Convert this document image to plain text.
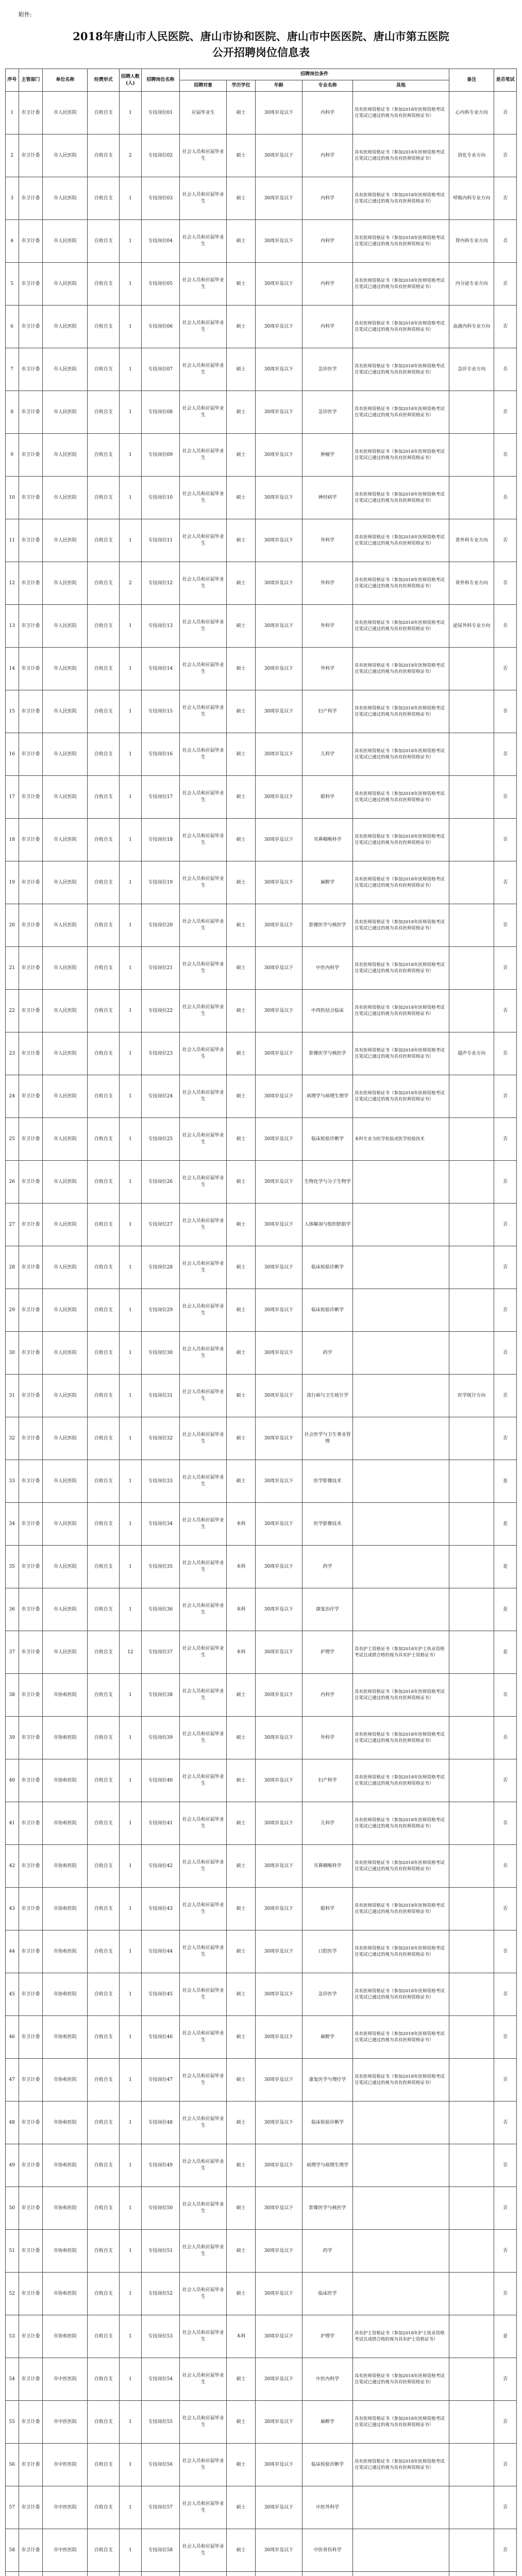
附件:
2018年唐山市人民医院、唐山市协和医院、唐山市中医医院、唐山市第五医院
公开招聘岗位信息表
序号	主管部门	单位名称	经费形式	招聘人数(人)	招聘岗位名称	招聘岗位条件					备注	是否笔试
						招聘对象	学历学位	年龄	专业名称	其他		
1	市卫计委	市人民医院	自收自支	1	专技岗位01	应届毕业生	硕士	30周岁及以下	内科学	具有医师资格证书（参加2018年医师资格考试且笔试已通过的视为具有医师资格证书）	心内科专业方向	否
2	市卫计委	市人民医院	自收自支	2	专技岗位02	社会人员和应届毕业生	硕士	30周岁及以下	内科学	具有医师资格证书（参加2018年医师资格考试且笔试已通过的视为具有医师资格证书）	消化专业方向	否
3	市卫计委	市人民医院	自收自支	1	专技岗位03	社会人员和应届毕业生	硕士	30周岁及以下	内科学	具有医师资格证书（参加2018年医师资格考试且笔试已通过的视为具有医师资格证书）	呼吸内科专业方向	否
4	市卫计委	市人民医院	自收自支	1	专技岗位04	社会人员和应届毕业生	硕士	30周岁及以下	内科学	具有医师资格证书（参加2018年医师资格考试且笔试已通过的视为具有医师资格证书）	肾内科专业方向	否
5	市卫计委	市人民医院	自收自支	1	专技岗位05	社会人员和应届毕业生	硕士	30周岁及以下	内科学	具有医师资格证书（参加2018年医师资格考试且笔试已通过的视为具有医师资格证书）	内分泌专业方向	否
6	市卫计委	市人民医院	自收自支	1	专技岗位06	社会人员和应届毕业生	硕士	30周岁及以下	内科学	具有医师资格证书（参加2018年医师资格考试且笔试已通过的视为具有医师资格证书）	血液内科专业方向	否
7	市卫计委	市人民医院	自收自支	1	专技岗位07	社会人员和应届毕业生	硕士	30周岁及以下	急诊医学	具有医师资格证书（参加2018年医师资格考试且笔试已通过的视为具有医师资格证书）	急诊专业方向	否
8	市卫计委	市人民医院	自收自支	1	专技岗位08	社会人员和应届毕业生	硕士	30周岁及以下	急诊医学	具有医师资格证书（参加2018年医师资格考试且笔试已通过的视为具有医师资格证书）		否
9	市卫计委	市人民医院	自收自支	1	专技岗位09	社会人员和应届毕业生	硕士	30周岁及以下	肿瘤学	具有医师资格证书（参加2018年医师资格考试且笔试已通过的视为具有医师资格证书）		否
10	市卫计委	市人民医院	自收自支	1	专技岗位10	社会人员和应届毕业生	硕士	30周岁及以下	神经病学	具有医师资格证书（参加2018年医师资格考试且笔试已通过的视为具有医师资格证书）		否
11	市卫计委	市人民医院	自收自支	1	专技岗位11	社会人员和应届毕业生	硕士	30周岁及以下	外科学	具有医师资格证书（参加2018年医师资格考试且笔试已通过的视为具有医师资格证书）	普外科专业方向	否
12	市卫计委	市人民医院	自收自支	2	专技岗位12	社会人员和应届毕业生	硕士	30周岁及以下	外科学	具有医师资格证书（参加2018年医师资格考试且笔试已通过的视为具有医师资格证书）	骨外科专业方向	否
13	市卫计委	市人民医院	自收自支	1	专技岗位13	社会人员和应届毕业生	硕士	30周岁及以下	外科学	具有医师资格证书（参加2018年医师资格考试且笔试已通过的视为具有医师资格证书）	泌尿外科专业方向	否
14	市卫计委	市人民医院	自收自支	1	专技岗位14	社会人员和应届毕业生	硕士	30周岁及以下	外科学	具有医师资格证书（参加2018年医师资格考试且笔试已通过的视为具有医师资格证书）		否
15	市卫计委	市人民医院	自收自支	1	专技岗位15	社会人员和应届毕业生	硕士	30周岁及以下	妇产科学	具有医师资格证书（参加2018年医师资格考试且笔试已通过的视为具有医师资格证书）		否
16	市卫计委	市人民医院	自收自支	1	专技岗位16	社会人员和应届毕业生	硕士	30周岁及以下	儿科学	具有医师资格证书（参加2018年医师资格考试且笔试已通过的视为具有医师资格证书）		否
17	市卫计委	市人民医院	自收自支	1	专技岗位17	社会人员和应届毕业生	硕士	30周岁及以下	眼科学	具有医师资格证书（参加2018年医师资格考试且笔试已通过的视为具有医师资格证书）		否
18	市卫计委	市人民医院	自收自支	1	专技岗位18	社会人员和应届毕业生	硕士	30周岁及以下	耳鼻咽喉科学	具有医师资格证书（参加2018年医师资格考试且笔试已通过的视为具有医师资格证书）		否
19	市卫计委	市人民医院	自收自支	1	专技岗位19	社会人员和应届毕业生	硕士	30周岁及以下	麻醉学	具有医师资格证书（参加2018年医师资格考试且笔试已通过的视为具有医师资格证书）		否
20	市卫计委	市人民医院	自收自支	1	专技岗位20	社会人员和应届毕业生	硕士	30周岁及以下	影像医学与核医学	具有医师资格证书（参加2018年医师资格考试且笔试已通过的视为具有医师资格证书）		否
21	市卫计委	市人民医院	自收自支	1	专技岗位21	社会人员和应届毕业生	硕士	30周岁及以下	中医内科学	具有医师资格证书（参加2018年医师资格考试且笔试已通过的视为具有医师资格证书）		否
22	市卫计委	市人民医院	自收自支	1	专技岗位22	社会人员和应届毕业生	硕士	30周岁及以下	中西医结合临床	具有医师资格证书（参加2018年医师资格考试且笔试已通过的视为具有医师资格证书）		否
23	市卫计委	市人民医院	自收自支	1	专技岗位23	社会人员和应届毕业生	硕士	30周岁及以下	影像医学与核医学	具有医师资格证书（参加2018年医师资格考试且笔试已通过的视为具有医师资格证书）	超声专业方向	否
24	市卫计委	市人民医院	自收自支	1	专技岗位24	社会人员和应届毕业生	硕士	30周岁及以下	病理学与病理生理学	具有医师资格证书（参加2018年医师资格考试且笔试已通过的视为具有医师资格证书）		否
25	市卫计委	市人民医院	自收自支	1	专技岗位25	社会人员和应届毕业生	硕士	30周岁及以下	临床检验诊断学	本科专业为医学检验或医学检验技术		否
26	市卫计委	市人民医院	自收自支	1	专技岗位26	社会人员和应届毕业生	硕士	30周岁及以下	生物化学与分子生物学			否
27	市卫计委	市人民医院	自收自支	1	专技岗位27	社会人员和应届毕业生	硕士	30周岁及以下	人体解剖与组织胚胎学			否
28	市卫计委	市人民医院	自收自支	1	专技岗位28	社会人员和应届毕业生	硕士	30周岁及以下	临床检验诊断学			否
29	市卫计委	市人民医院	自收自支	1	专技岗位29	社会人员和应届毕业生	硕士	30周岁及以下	临床检验诊断学			否
30	市卫计委	市人民医院	自收自支	1	专技岗位30	社会人员和应届毕业生	硕士	30周岁及以下	药学			否
31	市卫计委	市人民医院	自收自支	1	专技岗位31	社会人员和应届毕业生	硕士	30周岁及以下	流行病与卫生统计学		医学统计方向	否
32	市卫计委	市人民医院	自收自支	1	专技岗位32	社会人员和应届毕业生	硕士	30周岁及以下	社会医学与卫生事业管理			否
33	市卫计委	市人民医院	自收自支	1	专技岗位33	社会人员和应届毕业生	硕士	30周岁及以下	医学影像技术			是
34	市卫计委	市人民医院	自收自支	1	专技岗位34	社会人员和应届毕业生	本科	30周岁及以下	医学影像技术			是
35	市卫计委	市人民医院	自收自支	1	专技岗位35	社会人员和应届毕业生	本科	30周岁及以下	药学			是
36	市卫计委	市人民医院	自收自支	1	专技岗位36	社会人员和应届毕业生	本科	30周岁及以下	康复治疗学			是
37	市卫计委	市人民医院	自收自支	12	专技岗位37	社会人员和应届毕业生	本科	30周岁及以下	护理学	具有护士资格证书（参加2018年护士执业资格考试且成绩合格的视为具有护士资格证书）		是
38	市卫计委	市协和医院	自收自支	1	专技岗位38	社会人员和应届毕业生	硕士	30周岁及以下	内科学	具有医师资格证书（参加2018年医师资格考试且笔试已通过的视为具有医师资格证书）		否
39	市卫计委	市协和医院	自收自支	1	专技岗位39	社会人员和应届毕业生	硕士	30周岁及以下	外科学	具有医师资格证书（参加2018年医师资格考试且笔试已通过的视为具有医师资格证书）		否
40	市卫计委	市协和医院	自收自支	1	专技岗位40	社会人员和应届毕业生	硕士	30周岁及以下	妇产科学	具有医师资格证书（参加2018年医师资格考试且笔试已通过的视为具有医师资格证书）		否
41	市卫计委	市协和医院	自收自支	1	专技岗位41	社会人员和应届毕业生	硕士	30周岁及以下	儿科学	具有医师资格证书（参加2018年医师资格考试且笔试已通过的视为具有医师资格证书）		否
42	市卫计委	市协和医院	自收自支	1	专技岗位42	社会人员和应届毕业生	硕士	30周岁及以下	耳鼻咽喉科学	具有医师资格证书（参加2018年医师资格考试且笔试已通过的视为具有医师资格证书）		否
43	市卫计委	市协和医院	自收自支	1	专技岗位43	社会人员和应届毕业生	硕士	30周岁及以下	眼科学	具有医师资格证书（参加2018年医师资格考试且笔试已通过的视为具有医师资格证书）		否
44	市卫计委	市协和医院	自收自支	1	专技岗位44	社会人员和应届毕业生	硕士	30周岁及以下	口腔医学	具有医师资格证书（参加2018年医师资格考试且笔试已通过的视为具有医师资格证书）		否
45	市卫计委	市协和医院	自收自支	1	专技岗位45	社会人员和应届毕业生	硕士	30周岁及以下	急诊医学	具有医师资格证书（参加2018年医师资格考试且笔试已通过的视为具有医师资格证书）		否
46	市卫计委	市协和医院	自收自支	1	专技岗位46	社会人员和应届毕业生	硕士	30周岁及以下	麻醉学	具有医师资格证书（参加2018年医师资格考试且笔试已通过的视为具有医师资格证书）		否
47	市卫计委	市协和医院	自收自支	1	专技岗位47	社会人员和应届毕业生	硕士	30周岁及以下	康复医学与理疗学	具有医师资格证书（参加2018年医师资格考试且笔试已通过的视为具有医师资格证书）		否
48	市卫计委	市协和医院	自收自支	1	专技岗位48	社会人员和应届毕业生	硕士	30周岁及以下	临床检验诊断学			否
49	市卫计委	市协和医院	自收自支	1	专技岗位49	社会人员和应届毕业生	硕士	30周岁及以下	病理学与病理生理学			否
50	市卫计委	市协和医院	自收自支	1	专技岗位50	社会人员和应届毕业生	硕士	30周岁及以下	影像医学与核医学			否
51	市卫计委	市协和医院	自收自支	1	专技岗位51	社会人员和应届毕业生	硕士	30周岁及以下	药学			否
52	市卫计委	市协和医院	自收自支	1	专技岗位52	社会人员和应届毕业生	硕士	30周岁及以下	临床医学			否
53	市卫计委	市协和医院	自收自支	1	专技岗位53	社会人员和应届毕业生	本科	30周岁及以下	护理学	具有护士资格证书（参加2018年护士执业资格考试且成绩合格的视为具有护士资格证书）		是
54	市卫计委	市中医医院	自收自支	1	专技岗位54	社会人员和应届毕业生	硕士	30周岁及以下	中医内科学	具有医师资格证书（参加2018年医师资格考试且笔试已通过的视为具有医师资格证书）		否
55	市卫计委	市中医医院	自收自支	1	专技岗位55	社会人员和应届毕业生	硕士	30周岁及以下	麻醉学	具有医师资格证书（参加2018年医师资格考试且笔试已通过的视为具有医师资格证书）		否
56	市卫计委	市中医医院	自收自支	1	专技岗位56	社会人员和应届毕业生	硕士	30周岁及以下	临床检验诊断学	具有医师资格证书（参加2018年医师资格考试且笔试已通过的视为具有医师资格证书）		否
57	市卫计委	市中医医院	自收自支	1	专技岗位57	社会人员和应届毕业生	硕士	30周岁及以下	中医外科学			否
58	市卫计委	市中医医院	自收自支	1	专技岗位58	社会人员和应届毕业生	硕士	30周岁及以下	中医骨伤科学			否
